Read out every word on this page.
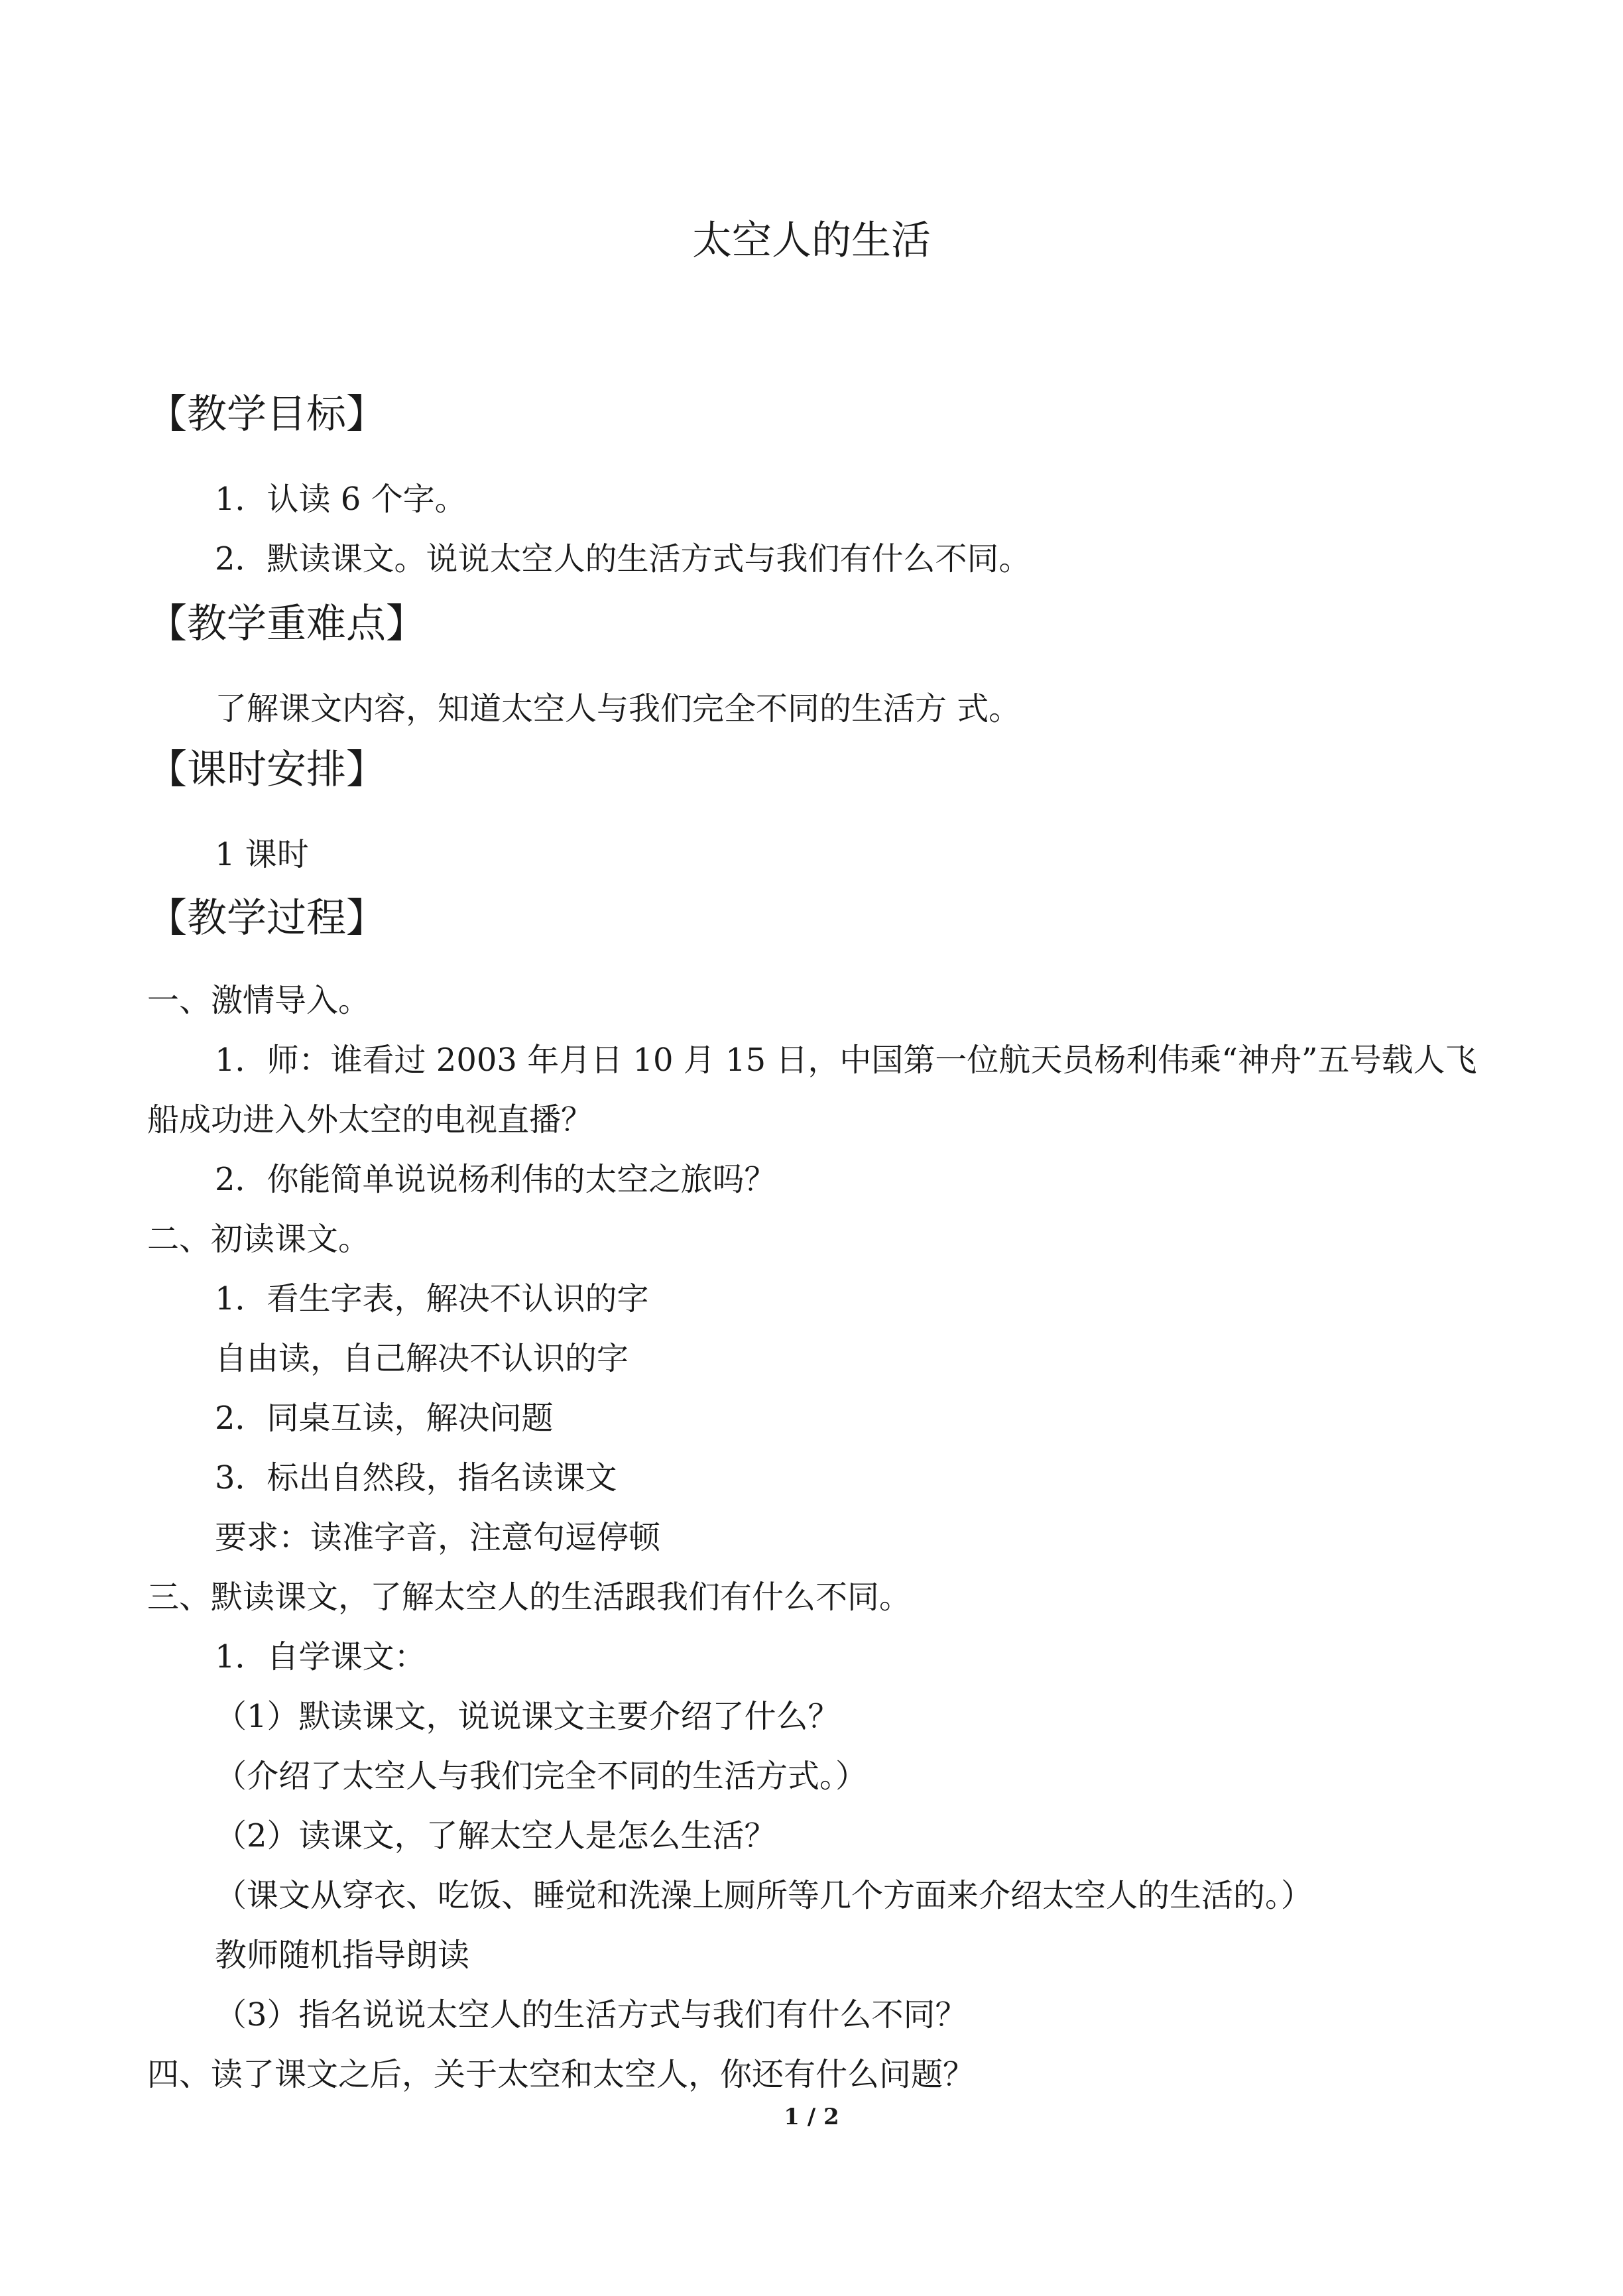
太空人的生活
【教学目标】
1．认读 6 个字。
2．默读课文。说说太空人的生活方式与我们有什么不同。
【教学重难点】
了解课文内容，知道太空人与我们完全不同的生活方 式。
【课时安排】
1 课时
【教学过程】
一、激情导入。
1．师：谁看过 2003 年月日 10 月 15 日，中国第一位航天员杨利伟乘“神舟”五号载人飞
船成功进入外太空的电视直播？
2．你能简单说说杨利伟的太空之旅吗？
二、初读课文。
1．看生字表，解决不认识的字
自由读，自己解决不认识的字
2．同桌互读，解决问题
3．标出自然段，指名读课文
要求：读准字音，注意句逗停顿
三、默读课文，了解太空人的生活跟我们有什么不同。
1．自学课文：
（1）默读课文，说说课文主要介绍了什么？
（介绍了太空人与我们完全不同的生活方式。）
（2）读课文，了解太空人是怎么生活？
（课文从穿衣、吃饭、睡觉和洗澡上厕所等几个方面来介绍太空人的生活的。）
教师随机指导朗读
（3）指名说说太空人的生活方式与我们有什么不同？
四、读了课文之后，关于太空和太空人，你还有什么问题？
1 / 2
